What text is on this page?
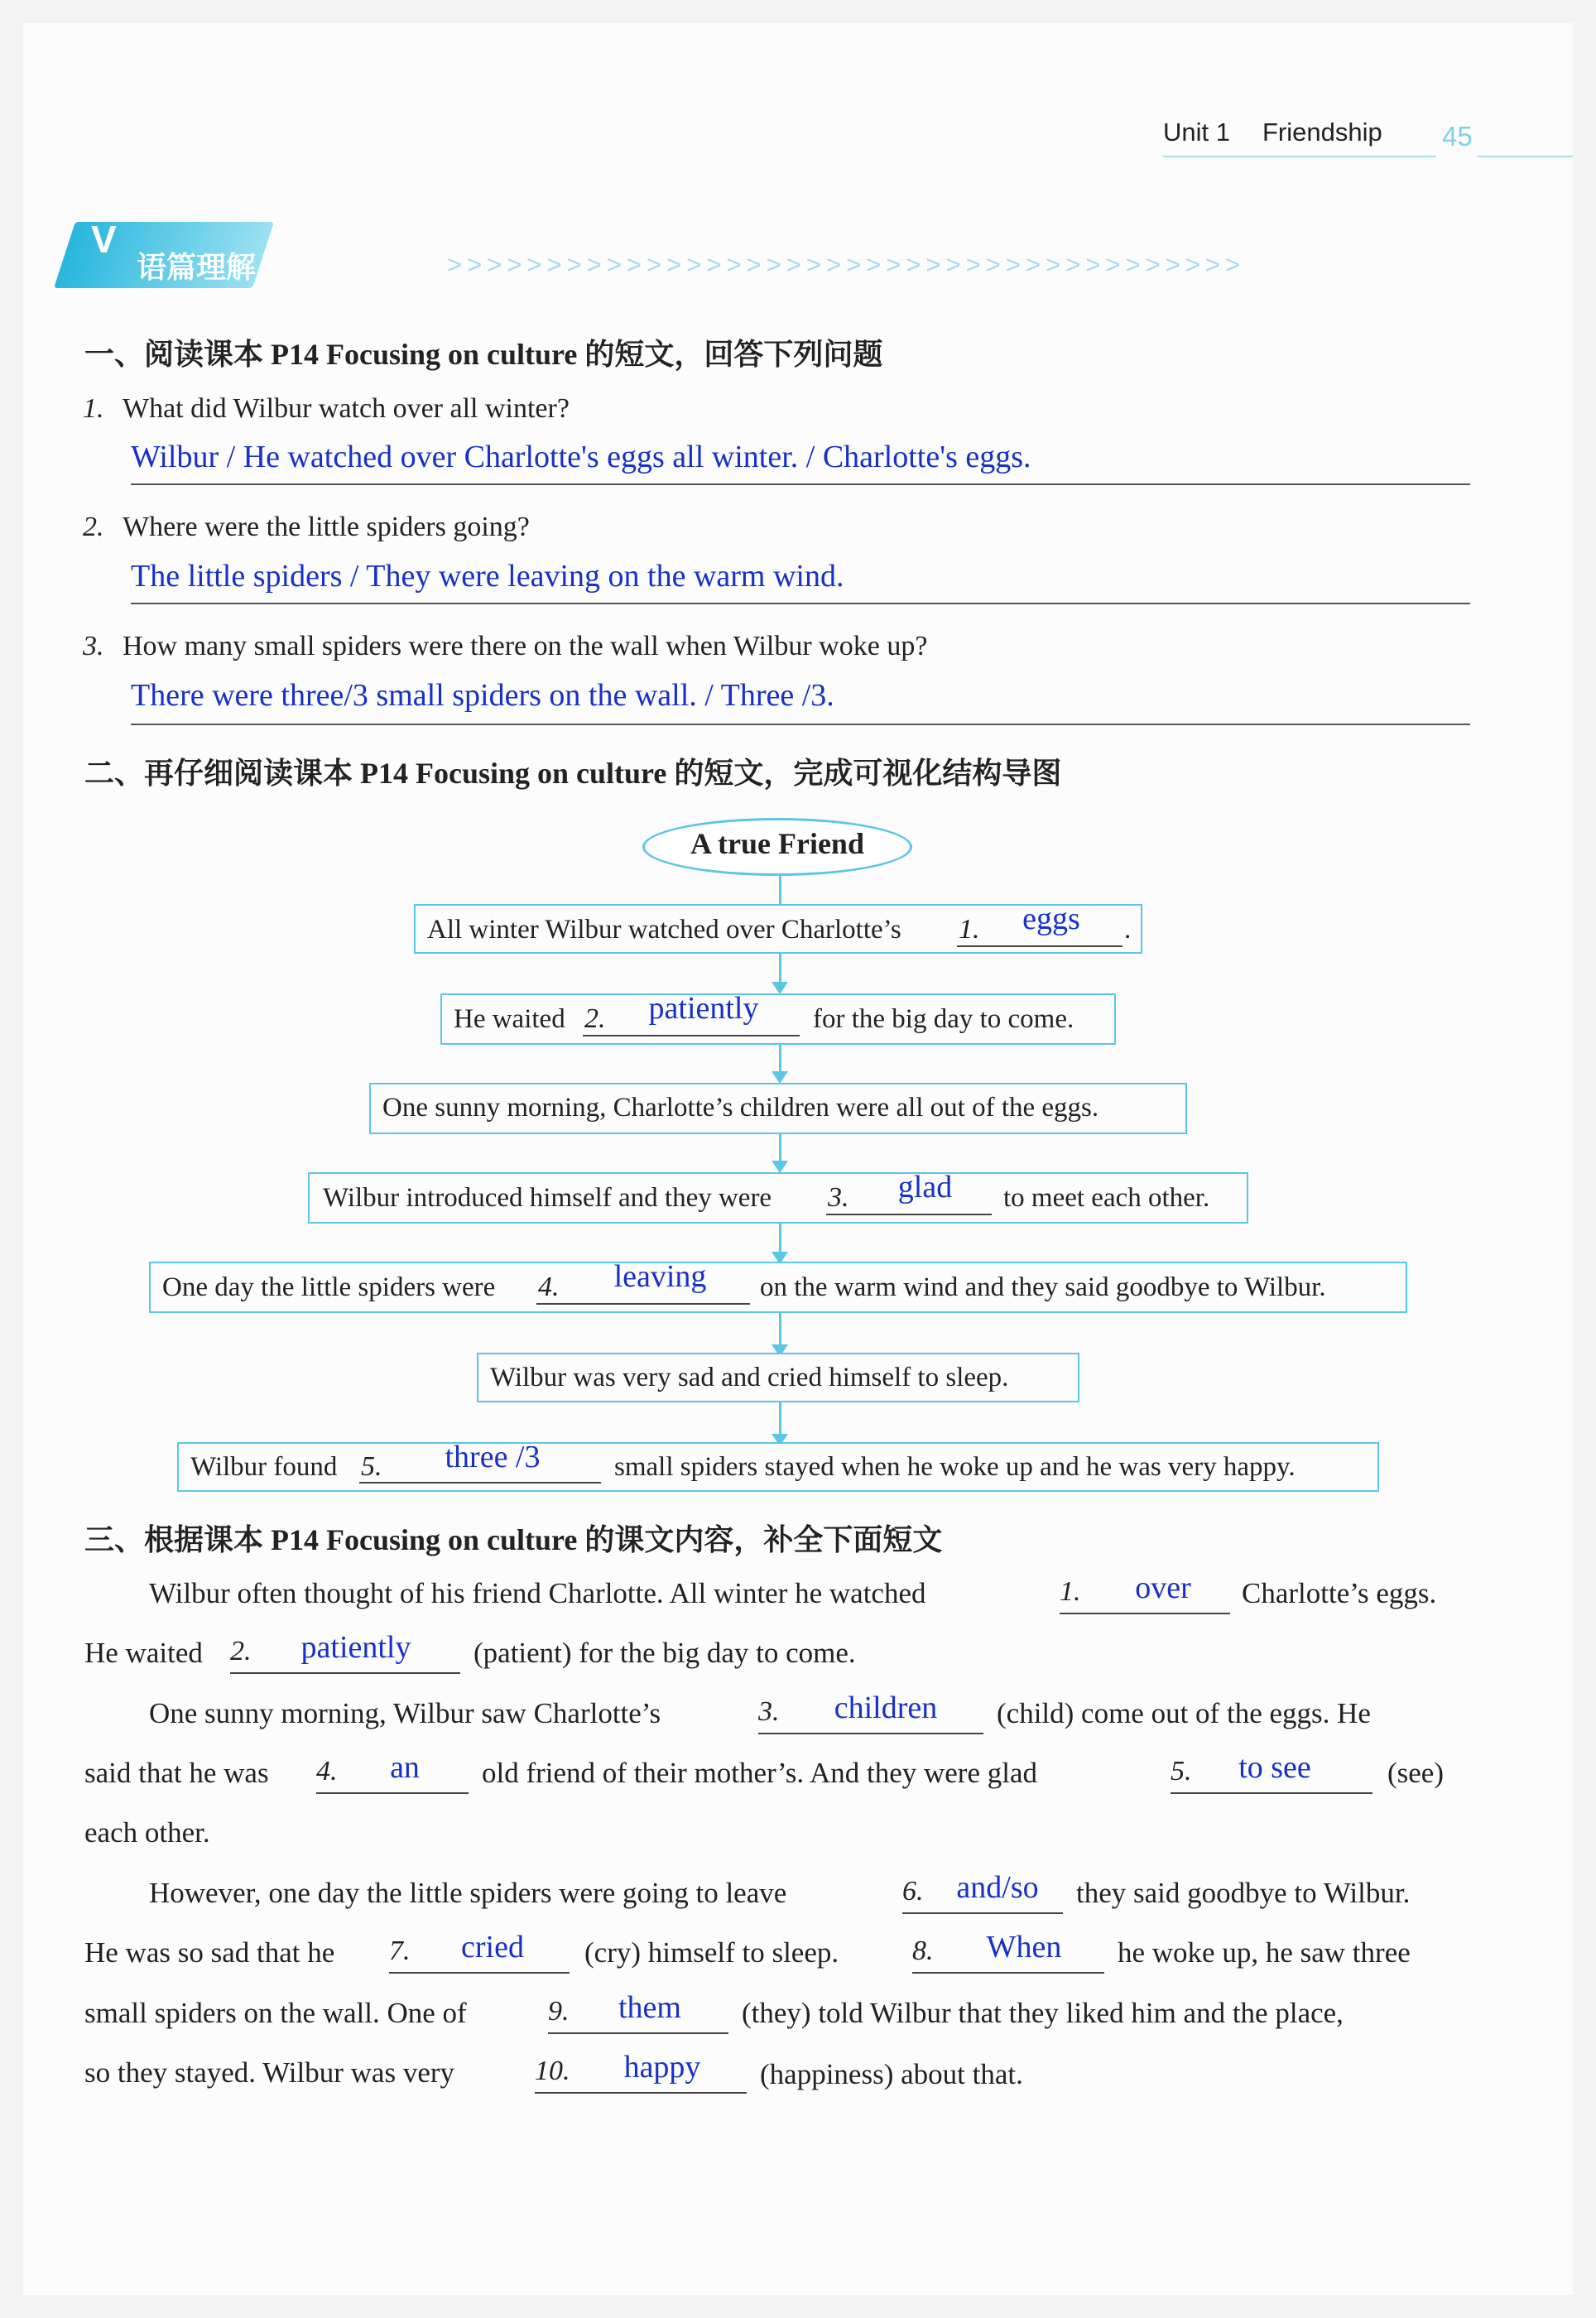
Unit 1 Friendship 45
语篇理解
V
>>>>>>>>>>>>>>>>>>>>>>>>>>>>>>>>>>>>>>>>
一、阅读课本 P14 Focusing on culture 的短文，回答下列问题
1. What did Wilbur watch over all winter?
Wilbur / He watched over Charlotte's eggs all winter. / Charlotte's eggs.
2. Where were the little spiders going?
The little spiders / They were leaving on the warm wind.
3. How many small spiders were there on the wall when Wilbur woke up?
There were three/3 small spiders on the wall. / Three /3.
二、再仔细阅读课本 P14 Focusing on culture 的短文，完成可视化结构导图
A true Friend
All winter Wilbur watched over Charlotte’s 1.	eggs	.
He waited 2.	patiently	for the big day to come.
One sunny morning, Charlotte’s children were all out of the eggs.
Wilbur introduced himself and they were 3.	glad	to meet each other.
One day the little spiders were 4.	leaving	on the warm wind and they said goodbye to Wilbur.
Wilbur was very sad and cried himself to sleep.
Wilbur found 5.	three /3	small spiders stayed when he woke up and he was very happy.
三、根据课本 P14 Focusing on culture 的课文内容，补全下面短文
Wilbur often thought of his friend Charlotte. All winter he watched	1.	over	Charlotte’s eggs.
He waited 2.	patiently	(patient) for the big day to come.
One sunny morning, Wilbur saw Charlotte’s	3.	children	(child) come out of the eggs. He
said that he was 4.	an	old friend of their mother’s. And they were glad	5.	to see	(see)
each other.
However, one day the little spiders were going to leave	6.	and/so	they said goodbye to Wilbur.
He was so sad that he 7.	cried	(cry) himself to sleep.	8.	When	he woke up, he saw three
small spiders on the wall. One of	9.	them	(they) told Wilbur that they liked him and the place,
so they stayed. Wilbur was very	10.	happy	(happiness) about that.
